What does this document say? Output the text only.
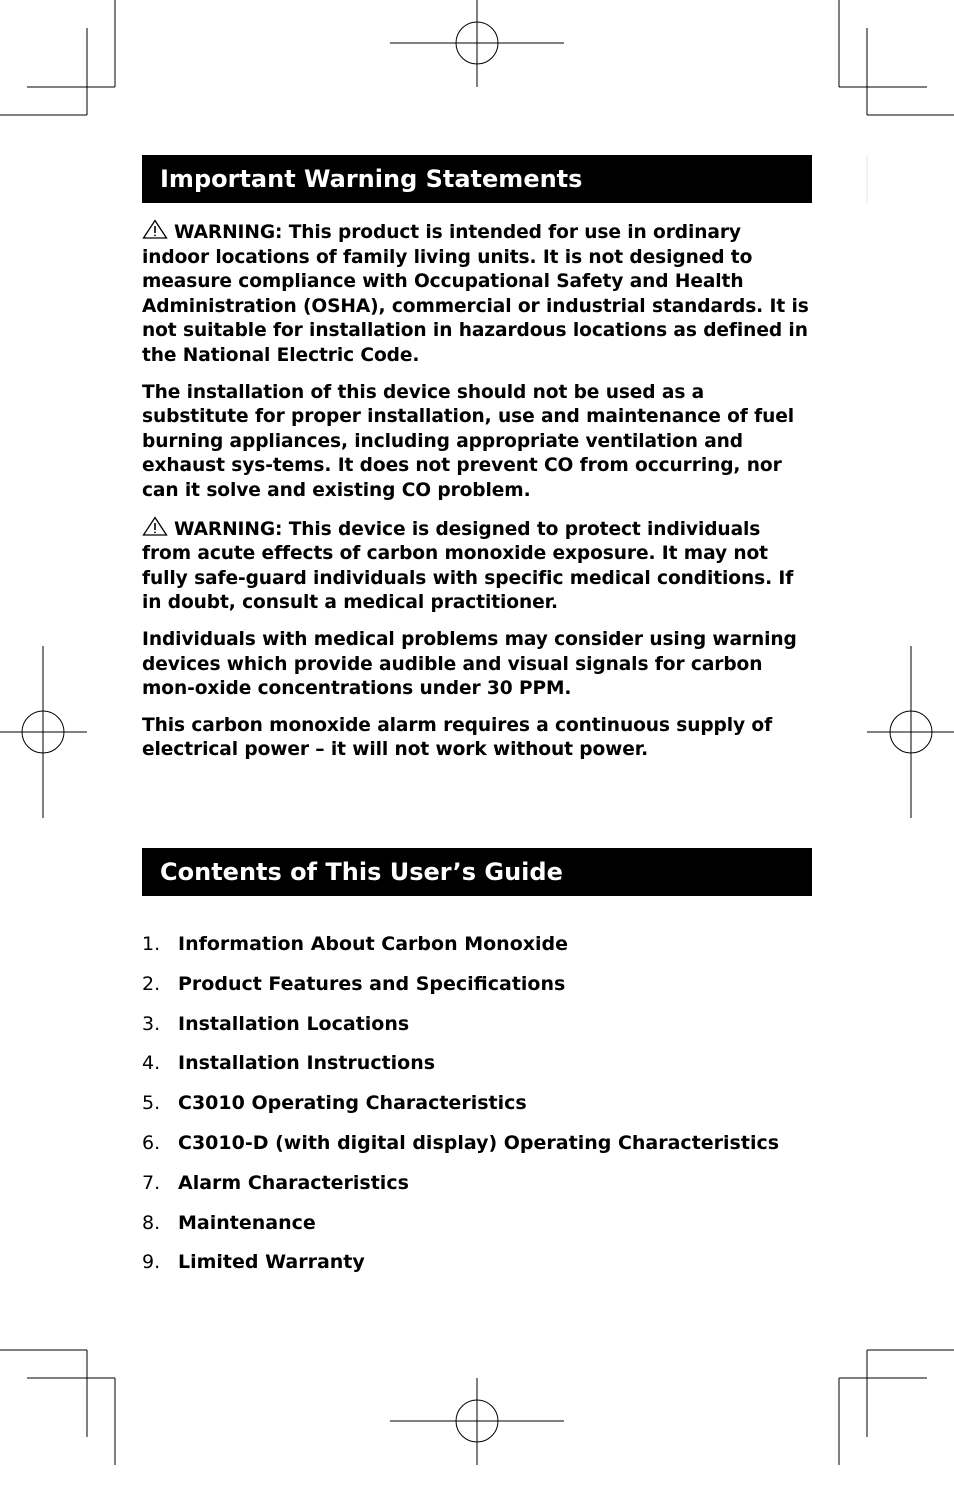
Important Warning Statements

WARNING: This product is intended for use in ordinary indoor locations of family living units. It is not designed to measure compliance with Occupational Safety and Health Administration (OSHA), commercial or industrial standards. It is not suitable for installation in hazardous locations as defined in the National Electric Code.

The installation of this device should not be used as a substitute for proper installation, use and maintenance of fuel burning appliances, including appropriate ventilation and exhaust sys-tems. It does not prevent CO from occurring, nor can it solve and existing CO problem.

WARNING: This device is designed to protect individuals from acute effects of carbon monoxide exposure. It may not fully safe-guard individuals with specific medical conditions. If in doubt, consult a medical practitioner.

Individuals with medical problems may consider using warning devices which provide audible and visual signals for carbon mon-oxide concentrations under 30 PPM.

This carbon monoxide alarm requires a continuous supply of electrical power – it will not work without power.

Contents of This User’s Guide
1. Information About Carbon Monoxide
2. Product Features and Specifications
3. Installation Locations
4. Installation Instructions
5. C3010 Operating Characteristics
6. C3010-D (with digital display) Operating Characteristics
7. Alarm Characteristics
8. Maintenance
9. Limited Warranty
